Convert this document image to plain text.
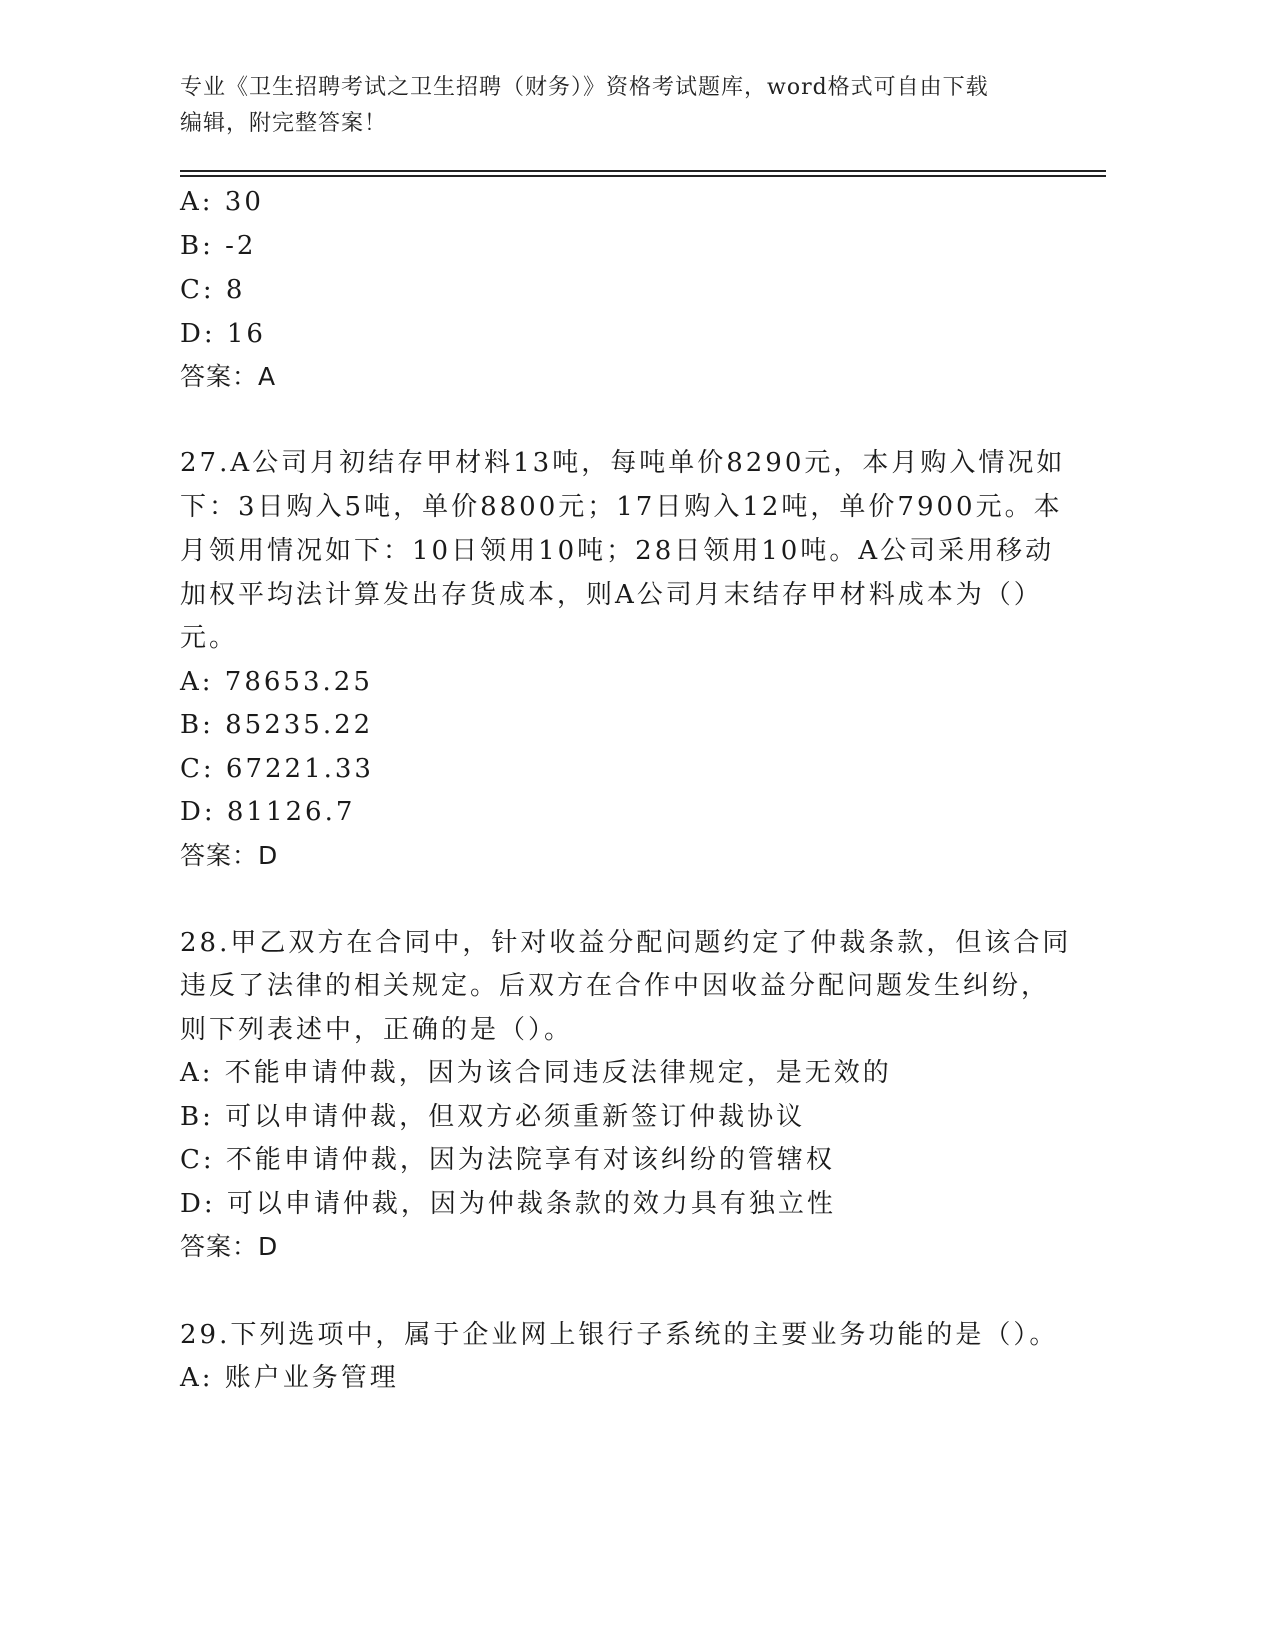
专业《卫生招聘考试之卫生招聘（财务）》资格考试题库，word格式可自由下载
编辑，附完整答案！
A: 30
B: -2
C: 8
D: 16
答案：A
27.A公司月初结存甲材料13吨，每吨单价8290元，本月购入情况如
下：3日购入5吨，单价8800元；17日购入12吨，单价7900元。本
月领用情况如下：10日领用10吨；28日领用10吨。A公司采用移动
加权平均法计算发出存货成本，则A公司月末结存甲材料成本为（）
元。
A: 78653.25
B: 85235.22
C: 67221.33
D: 81126.7
答案：D
28.甲乙双方在合同中，针对收益分配问题约定了仲裁条款，但该合同
违反了法律的相关规定。后双方在合作中因收益分配问题发生纠纷，
则下列表述中，正确的是（）。
A: 不能申请仲裁，因为该合同违反法律规定，是无效的
B: 可以申请仲裁，但双方必须重新签订仲裁协议
C: 不能申请仲裁，因为法院享有对该纠纷的管辖权
D: 可以申请仲裁，因为仲裁条款的效力具有独立性
答案：D
29.下列选项中，属于企业网上银行子系统的主要业务功能的是（）。
A: 账户业务管理
